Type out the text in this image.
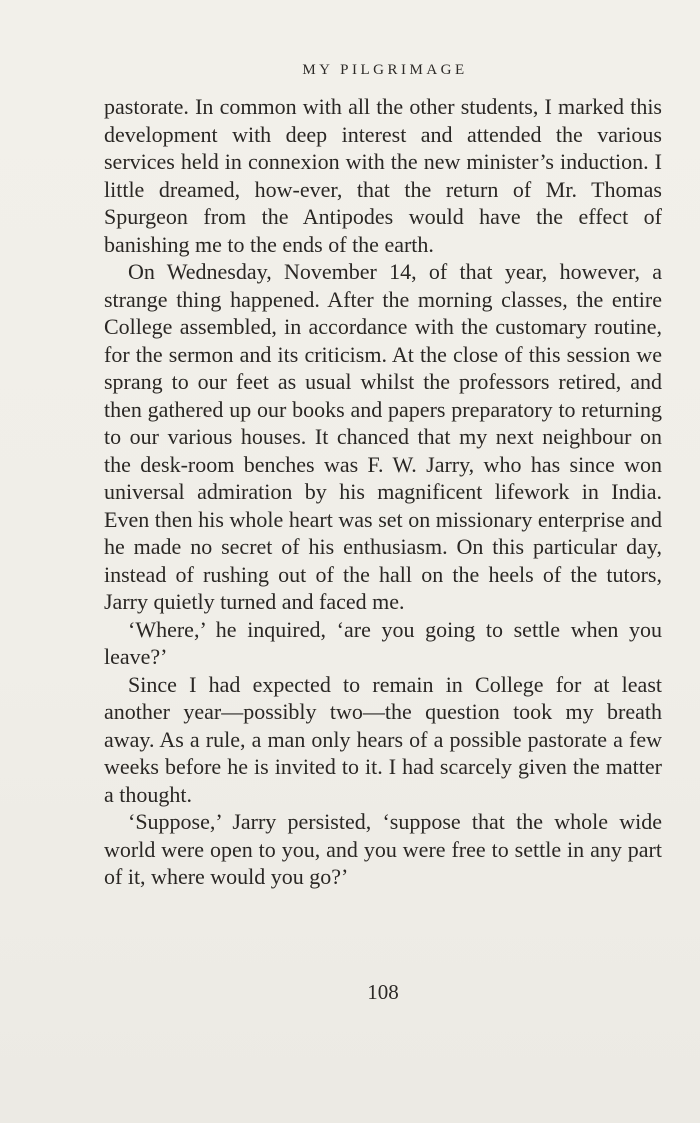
MY PILGRIMAGE

pastorate. In common with all the other students, I marked this development with deep interest and attended the various services held in connexion with the new minister’s induction. I little dreamed, how-ever, that the return of Mr. Thomas Spurgeon from the Antipodes would have the effect of banishing me to the ends of the earth.

On Wednesday, November 14, of that year, however, a strange thing happened. After the morning classes, the entire College assembled, in accordance with the customary routine, for the sermon and its criticism. At the close of this session we sprang to our feet as usual whilst the professors retired, and then gathered up our books and papers preparatory to returning to our various houses. It chanced that my next neighbour on the desk-room benches was F. W. Jarry, who has since won universal admiration by his magnificent lifework in India. Even then his whole heart was set on missionary enterprise and he made no secret of his enthusiasm. On this particular day, instead of rushing out of the hall on the heels of the tutors, Jarry quietly turned and faced me.

‘Where,’ he inquired, ‘are you going to settle when you leave?’

Since I had expected to remain in College for at least another year—possibly two—the question took my breath away. As a rule, a man only hears of a possible pastorate a few weeks before he is invited to it. I had scarcely given the matter a thought.

‘Suppose,’ Jarry persisted, ‘suppose that the whole wide world were open to you, and you were free to settle in any part of it, where would you go?’

108
